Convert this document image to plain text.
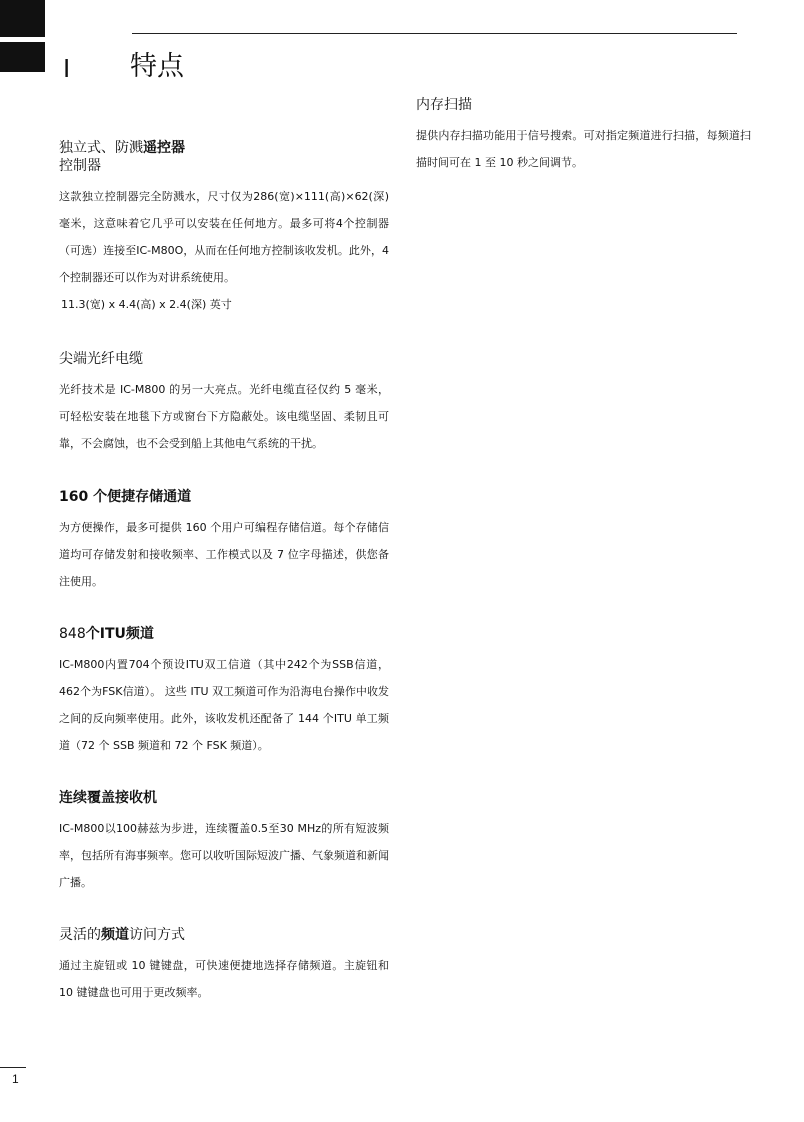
I 特点

独立式、防溅遥控器

控制器

这款独立控制器完全防溅水，尺寸仅为286(宽)×111(高)×62(深)毫米，这意味着它几乎可以安装在任何地方。最多可将4个控制器（可选）连接至IC-M80O，从而在任何地方控制该收发机。此外，4个控制器还可以作为对讲系统使用。

11.3(宽) x 4.4(高) x 2.4(深) 英寸

尖端光纤电缆

光纤技术是 IC-M800 的另一大亮点。光纤电缆直径仅约 5 毫米，可轻松安装在地毯下方或窗台下方隐蔽处。该电缆坚固、柔韧且可靠，不会腐蚀，也不会受到船上其他电气系统的干扰。

160 个便捷存储通道

为方便操作，最多可提供 160 个用户可编程存储信道。每个存储信道均可存储发射和接收频率、工作模式以及 7 位字母描述，供您备注使用。

848个ITU频道

IC-M800内置704个预设ITU双工信道（其中242个为SSB信道，462个为FSK信道）。 这些 ITU 双工频道可作为沿海电台操作中收发之间的反向频率使用。此外，该收发机还配备了 144 个ITU 单工频道（72 个 SSB 频道和 72 个 FSK 频道）。

连续覆盖接收机

IC-M800以100赫兹为步进，连续覆盖0.5至30 MHz的所有短波频率，包括所有海事频率。您可以收听国际短波广播、气象频道和新闻广播。

灵活的频道访问方式

通过主旋钮或 10 键键盘，可快速便捷地选择存储频道。主旋钮和 10 键键盘也可用于更改频率。

内存扫描

提供内存扫描功能用于信号搜索。可对指定频道进行扫描，每频道扫描时间可在 1 至 10 秒之间调节。

1
